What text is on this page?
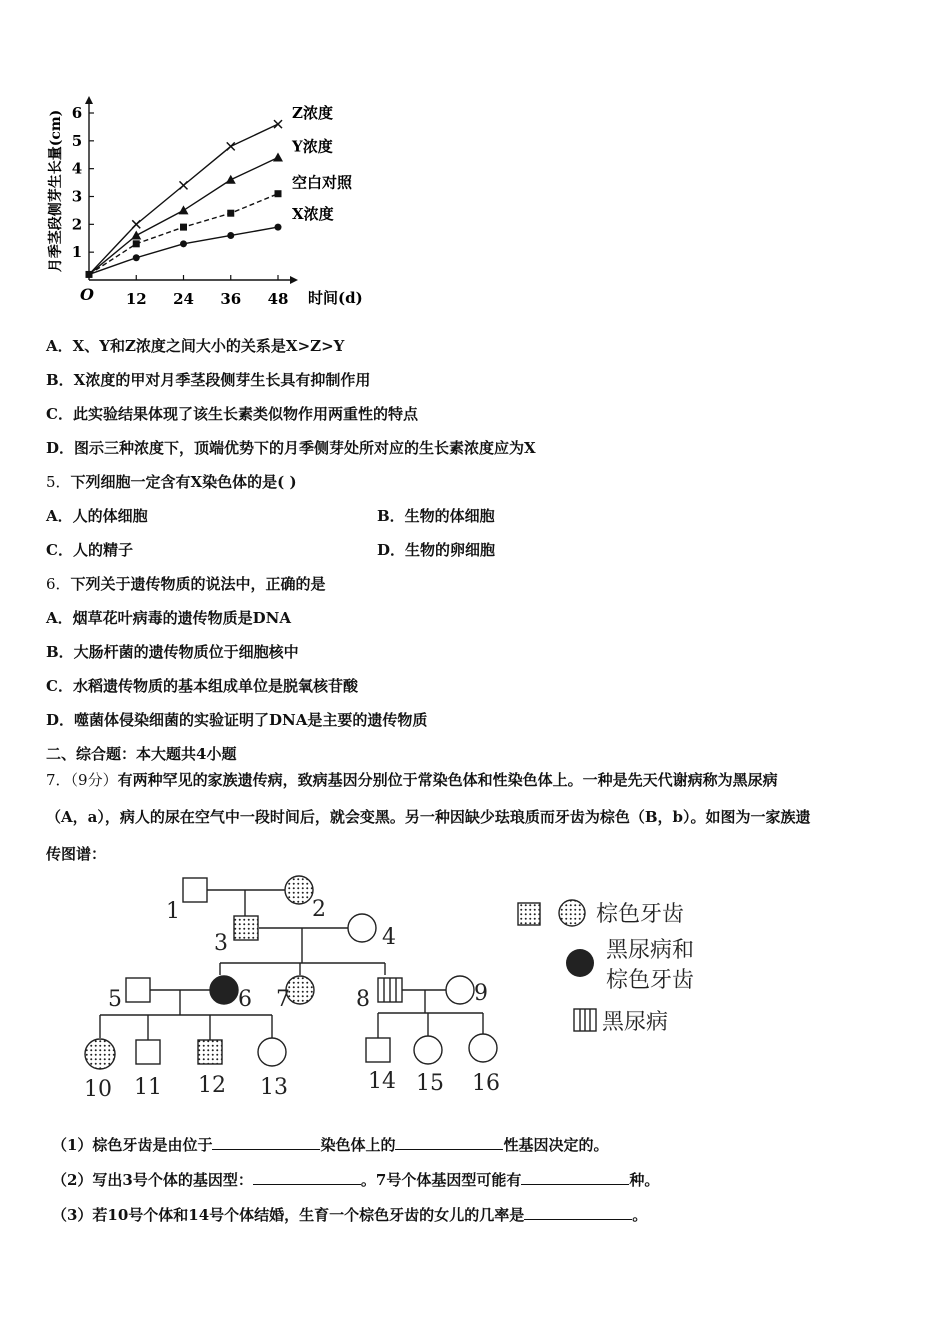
月季茎段侧芽生长量(cm)
时间(d)
O
1
2
3
4
5
6
12 24 36 48
Z浓度
Y浓度
空白对照
X浓度
A．X、Y和Z浓度之间大小的关系是X>Z>Y
B．X浓度的甲对月季茎段侧芽生长具有抑制作用
C．此实验结果体现了该生长素类似物作用两重性的特点
D．图示三种浓度下，顶端优势下的月季侧芽处所对应的生长素浓度应为X
5．下列细胞一定含有X染色体的是( )
A．人的体细胞	B．生物的体细胞
C．人的精子	D．生物的卵细胞
6．下列关于遗传物质的说法中，正确的是
A．烟草花叶病毒的遗传物质是DNA
B．大肠杆菌的遗传物质位于细胞核中
C．水稻遗传物质的基本组成单位是脱氧核苷酸
D．噬菌体侵染细菌的实验证明了DNA是主要的遗传物质
二、综合题：本大题共4小题
7．（9分）有两种罕见的家族遗传病，致病基因分别位于常染色体和性染色体上。一种是先天代谢病称为黑尿病
（A，a），病人的尿在空气中一段时间后，就会变黑。另一种因缺少珐琅质而牙齿为棕色（B，b）。如图为一家族遗
传图谱：
1	2
3	4
5	6 7	8	9
10 11 12 13	14 15 16
棕色牙齿
黑尿病和
棕色牙齿
黑尿病
（1）棕色牙齿是由位于	染色体上的	性基因决定的。
（2）写出3号个体的基因型：	。7号个体基因型可能有	种。
（3）若10号个体和14号个体结婚，生育一个棕色牙齿的女儿的几率是	。
